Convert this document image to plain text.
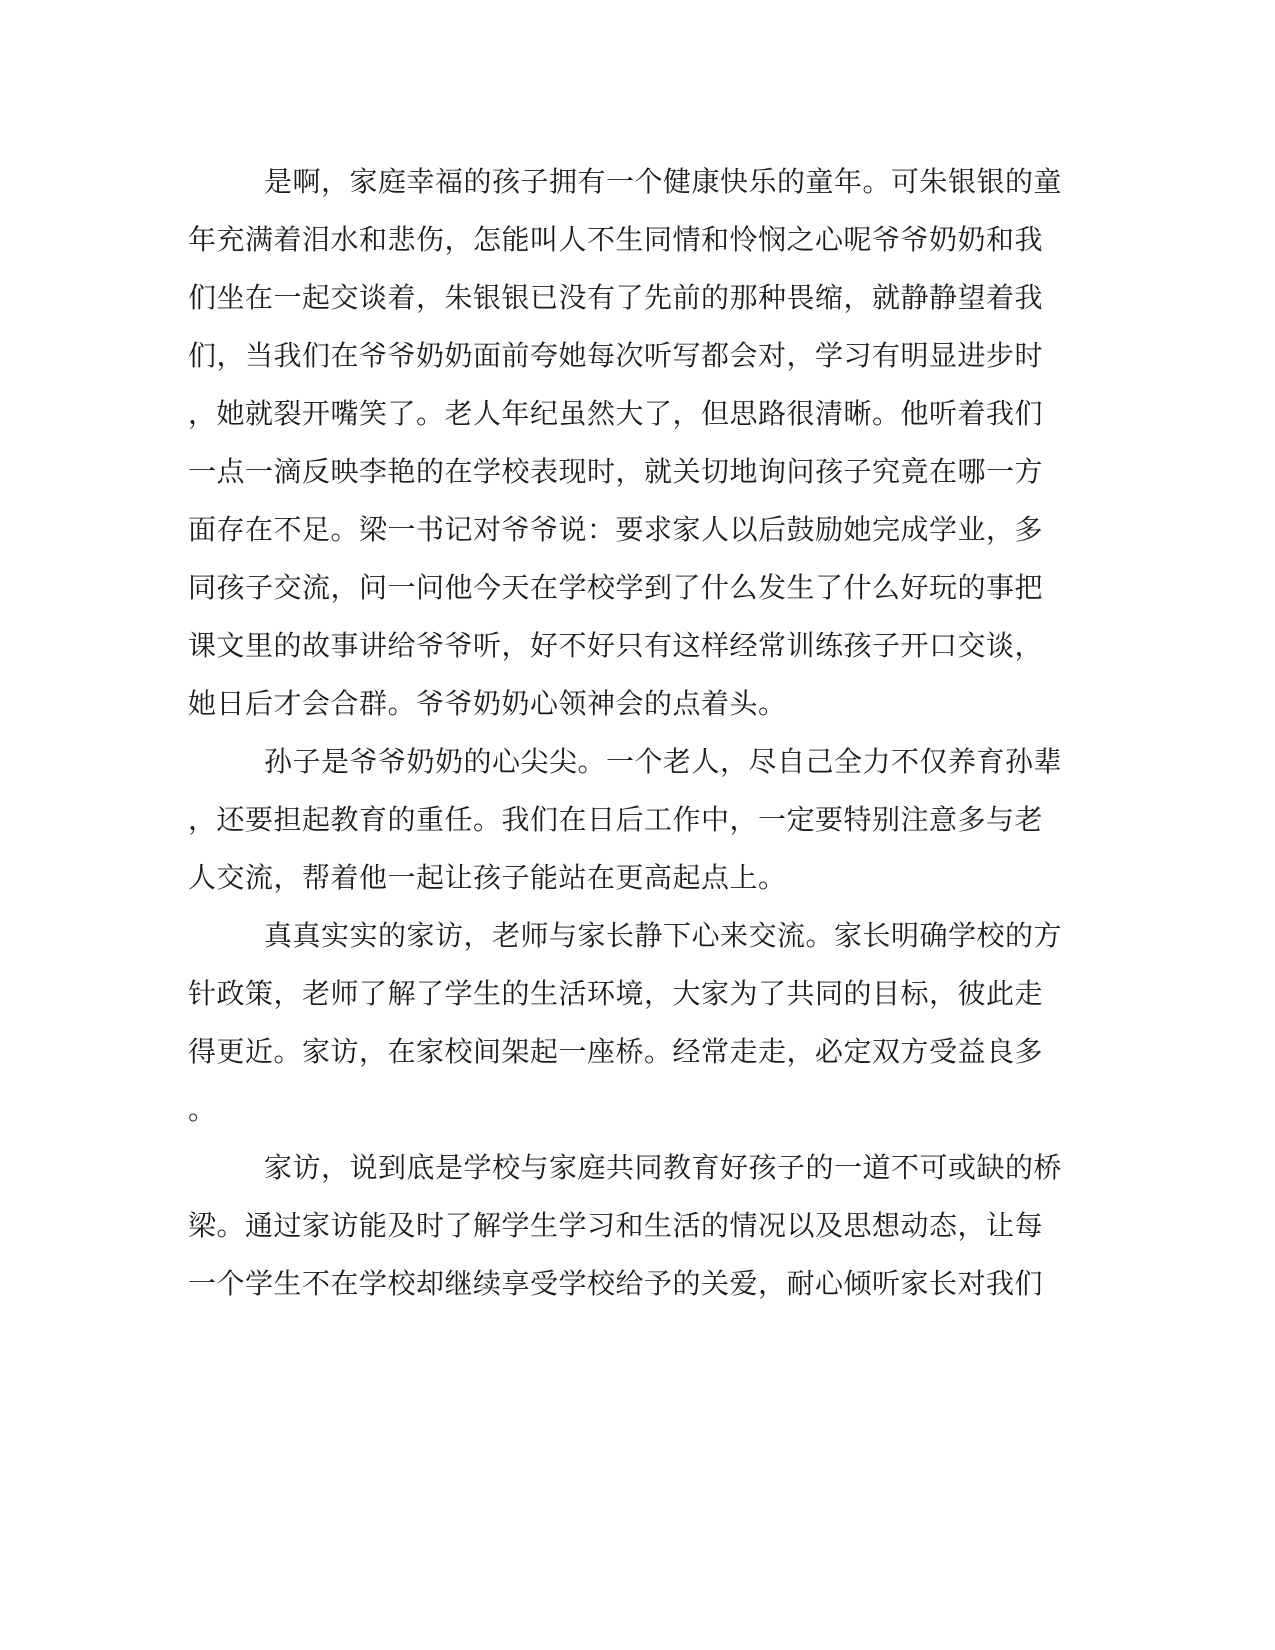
是啊，家庭幸福的孩子拥有一个健康快乐的童年。可朱银银的童

年充满着泪水和悲伤，怎能叫人不生同情和怜悯之心呢爷爷奶奶和我

们坐在一起交谈着，朱银银已没有了先前的那种畏缩，就静静望着我

们，当我们在爷爷奶奶面前夸她每次听写都会对，学习有明显进步时

，她就裂开嘴笑了。老人年纪虽然大了，但思路很清晰。他听着我们

一点一滴反映李艳的在学校表现时，就关切地询问孩子究竟在哪一方

面存在不足。梁一书记对爷爷说：要求家人以后鼓励她完成学业，多

同孩子交流，问一问他今天在学校学到了什么发生了什么好玩的事把

课文里的故事讲给爷爷听，好不好只有这样经常训练孩子开口交谈，

她日后才会合群。爷爷奶奶心领神会的点着头。

孙子是爷爷奶奶的心尖尖。一个老人，尽自己全力不仅养育孙辈

，还要担起教育的重任。我们在日后工作中，一定要特别注意多与老

人交流，帮着他一起让孩子能站在更高起点上。

真真实实的家访，老师与家长静下心来交流。家长明确学校的方

针政策，老师了解了学生的生活环境，大家为了共同的目标，彼此走

得更近。家访，在家校间架起一座桥。经常走走，必定双方受益良多

。

家访，说到底是学校与家庭共同教育好孩子的一道不可或缺的桥

梁。通过家访能及时了解学生学习和生活的情况以及思想动态，让每

一个学生不在学校却继续享受学校给予的关爱，耐心倾听家长对我们
